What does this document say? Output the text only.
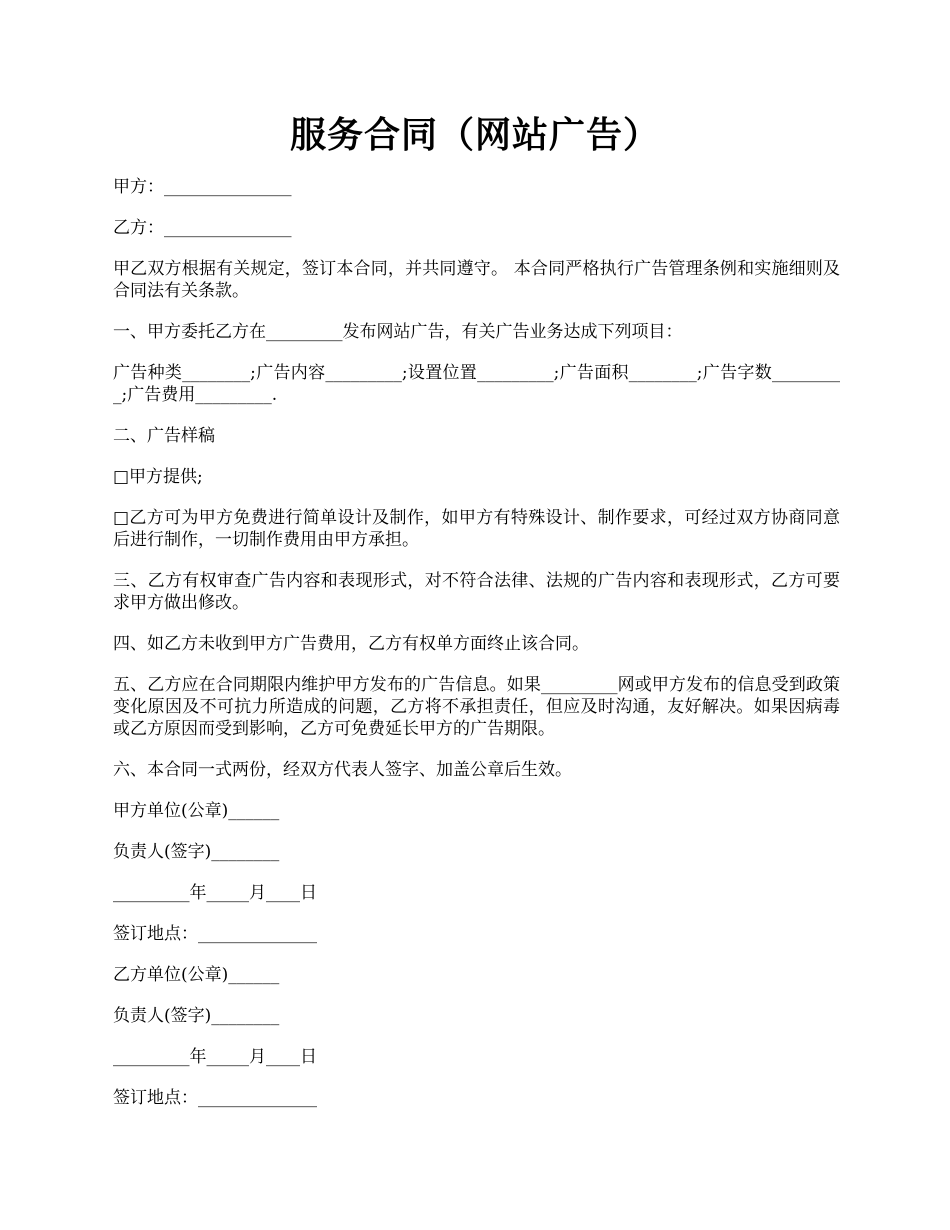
服务合同（网站广告）

甲方：_______________

乙方：_______________

甲乙双方根据有关规定，签订本合同，并共同遵守。 本合同严格执行广告管理条例和实施细则及合同法有关条款。

一、甲方委托乙方在_________发布网站广告，有关广告业务达成下列项目：

广告种类________;广告内容_________;设置位置_________;广告面积________;广告字数_________;广告费用_________.

二、广告样稿

□甲方提供;

□乙方可为甲方免费进行简单设计及制作，如甲方有特殊设计、制作要求，可经过双方协商同意后进行制作，一切制作费用由甲方承担。

三、乙方有权审查广告内容和表现形式，对不符合法律、法规的广告内容和表现形式，乙方可要求甲方做出修改。

四、如乙方未收到甲方广告费用，乙方有权单方面终止该合同。

五、乙方应在合同期限内维护甲方发布的广告信息。如果_________网或甲方发布的信息受到政策变化原因及不可抗力所造成的问题，乙方将不承担责任，但应及时沟通，友好解决。如果因病毒或乙方原因而受到影响，乙方可免费延长甲方的广告期限。

六、本合同一式两份，经双方代表人签字、加盖公章后生效。

甲方单位(公章)______

负责人(签字)________

_________年_____月____日

签订地点：______________

乙方单位(公章)______

负责人(签字)________

_________年_____月____日

签订地点：______________
